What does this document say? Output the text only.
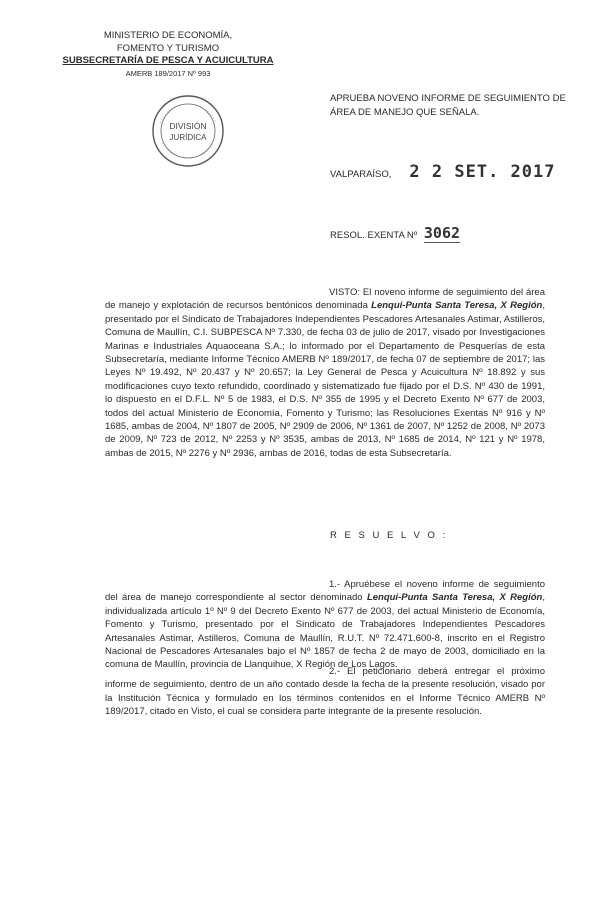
MINISTERIO DE ECONOMÍA,
FOMENTO Y TURISMO
SUBSECRETARÍA DE PESCA Y ACUICULTURA
AMERB 189/2017 Nº 993
DIVISIÓN
JURÍDICA
APRUEBA NOVENO INFORME DE SEGUIMIENTO DE ÁREA DE MANEJO QUE SEÑALA.
VALPARAÍSO, 2 2 SET. 2017
RESOL. EXENTA Nº 3062
VISTO: El noveno informe de seguimiento del área de manejo y explotación de recursos bentónicos denominada Lenqui-Punta Santa Teresa, X Región, presentado por el Sindicato de Trabajadores Independientes Pescadores Artesanales Astimar, Astilleros, Comuna de Maullín, C.I. SUBPESCA Nº 7.330, de fecha 03 de julio de 2017, visado por Investigaciones Marinas e Industriales Aquaoceana S.A.; lo informado por el Departamento de Pesquerías de esta Subsecretaría, mediante Informe Técnico AMERB Nº 189/2017, de fecha 07 de septiembre de 2017; las Leyes Nº 19.492, Nº 20.437 y Nº 20.657; la Ley General de Pesca y Acuicultura Nº 18.892 y sus modificaciones cuyo texto refundido, coordinado y sistematizado fue fijado por el D.S. Nº 430 de 1991, lo dispuesto en el D.F.L. Nº 5 de 1983, el D.S. Nº 355 de 1995 y el Decreto Exento Nº 677 de 2003, todos del actual Ministerio de Economía, Fomento y Turismo; las Resoluciones Exentas Nº 916 y Nº 1685, ambas de 2004, Nº 1807 de 2005, Nº 2909 de 2006, Nº 1361 de 2007, Nº 1252 de 2008, Nº 2073 de 2009, Nº 723 de 2012, Nº 2253 y Nº 3535, ambas de 2013, Nº 1685 de 2014, Nº 121 y Nº 1978, ambas de 2015, Nº 2276 y Nº 2936, ambas de 2016, todas de esta Subsecretaría.
R E S U E L V O :
1.- Apruébese el noveno informe de seguimiento del área de manejo correspondiente al sector denominado Lenqui-Punta Santa Teresa, X Región, individualizada artículo 1º Nº 9 del Decreto Exento Nº 677 de 2003, del actual Ministerio de Economía, Fomento y Turismo, presentado por el Sindicato de Trabajadores Independientes Pescadores Artesanales Astimar, Astilleros, Comuna de Maullín, R.U.T. Nº 72.471.600-8, inscrito en el Registro Nacional de Pescadores Artesanales bajo el Nº 1857 de fecha 2 de mayo de 2003, domiciliado en la comuna de Maullín, provincia de Llanquihue, X Región de Los Lagos.
2.- El peticionario deberá entregar el próximo informe de seguimiento, dentro de un año contado desde la fecha de la presente resolución, visado por la Institución Técnica y formulado en los términos contenidos en el Informe Técnico AMERB Nº 189/2017, citado en Visto, el cual se considera parte integrante de la presente resolución.
